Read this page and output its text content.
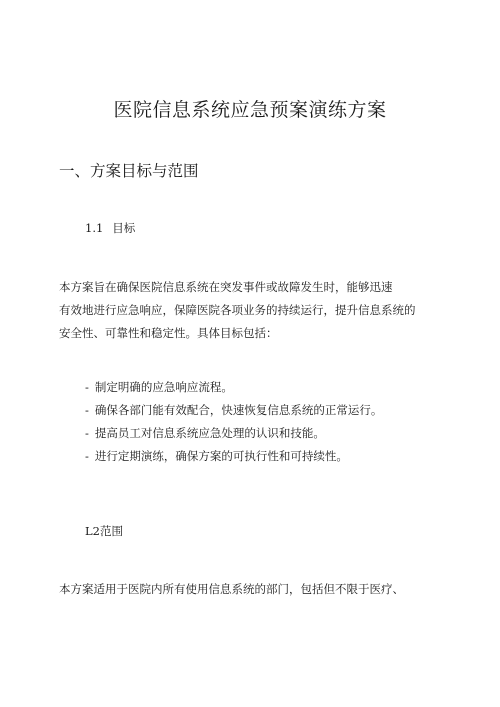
医院信息系统应急预案演练方案
一、方案目标与范围
1.1 目标

本方案旨在确保医院信息系统在突发事件或故障发生时，能够迅速
有效地进行应急响应，保障医院各项业务的持续运行，提升信息系统的
安全性、可靠性和稳定性。具体目标包括：

- 制定明确的应急响应流程。
- 确保各部门能有效配合，快速恢复信息系统的正常运行。
- 提高员工对信息系统应急处理的认识和技能。
- 进行定期演练，确保方案的可执行性和可持续性。
L2范围

本方案适用于医院内所有使用信息系统的部门，包括但不限于医疗、
